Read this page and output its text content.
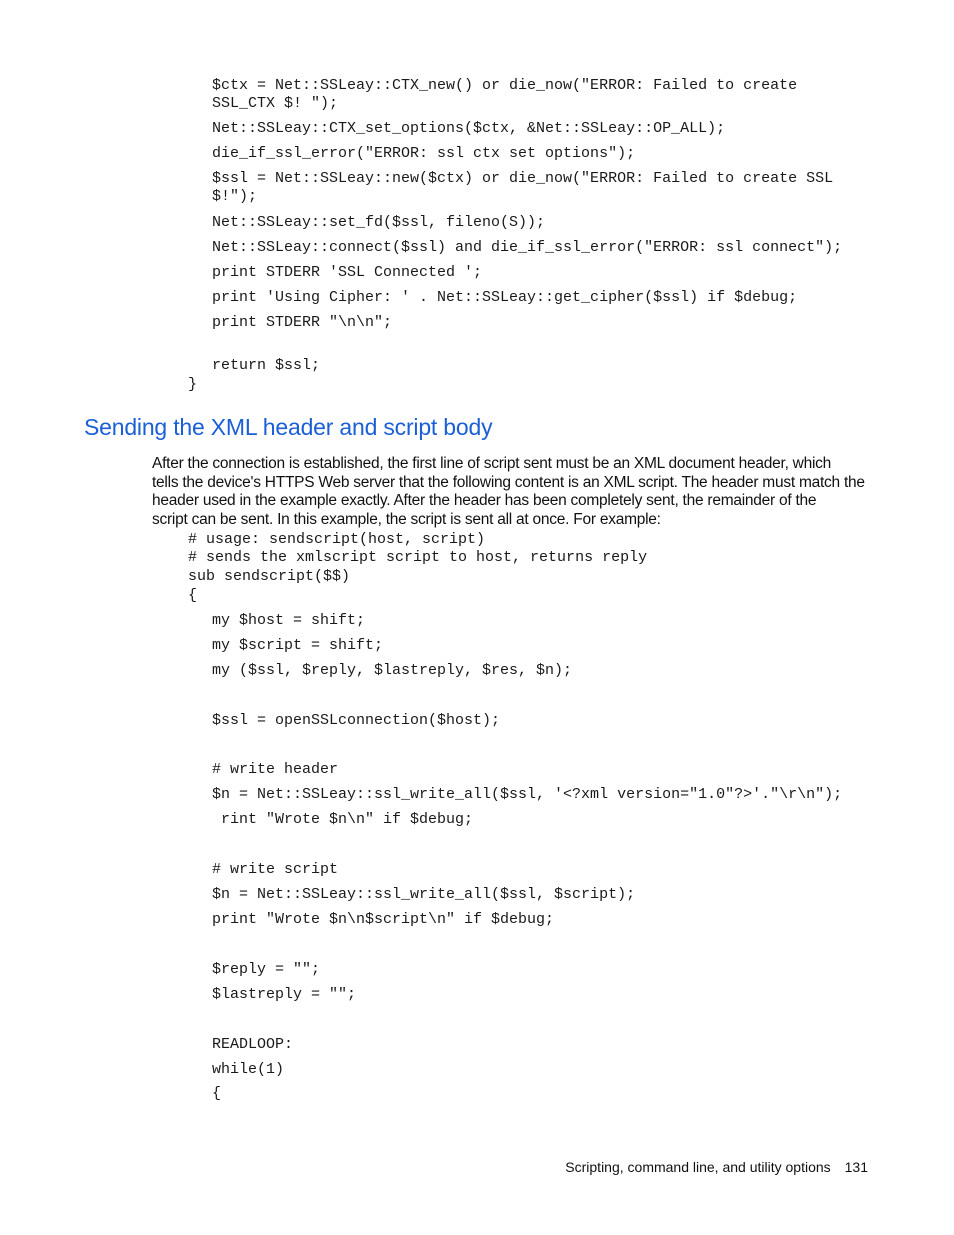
$ctx = Net::SSLeay::CTX_new() or die_now("ERROR: Failed to create
SSL_CTX $! ");
Net::SSLeay::CTX_set_options($ctx, &Net::SSLeay::OP_ALL);
die_if_ssl_error("ERROR: ssl ctx set options");
$ssl = Net::SSLeay::new($ctx) or die_now("ERROR: Failed to create SSL
$!");
Net::SSLeay::set_fd($ssl, fileno(S));
Net::SSLeay::connect($ssl) and die_if_ssl_error("ERROR: ssl connect");
print STDERR 'SSL Connected ';
print 'Using Cipher: ' . Net::SSLeay::get_cipher($ssl) if $debug;
print STDERR "\n\n";
return $ssl;
}
Sending the XML header and script body
After the connection is established, the first line of script sent must be an XML document header, which
tells the device's HTTPS Web server that the following content is an XML script. The header must match the
header used in the example exactly. After the header has been completely sent, the remainder of the
script can be sent. In this example, the script is sent all at once. For example:
# usage: sendscript(host, script)
# sends the xmlscript script to host, returns reply
sub sendscript($$)
{
my $host = shift;
my $script = shift;
my ($ssl, $reply, $lastreply, $res, $n);
$ssl = openSSLconnection($host);
# write header
$n = Net::SSLeay::ssl_write_all($ssl, '<?xml version="1.0"?>'."\r\n");
rint "Wrote $n\n" if $debug;
# write script
$n = Net::SSLeay::ssl_write_all($ssl, $script);
print "Wrote $n\n$script\n" if $debug;
$reply = "";
$lastreply = "";
READLOOP:
while(1)
{
Scripting, command line, and utility options 131
